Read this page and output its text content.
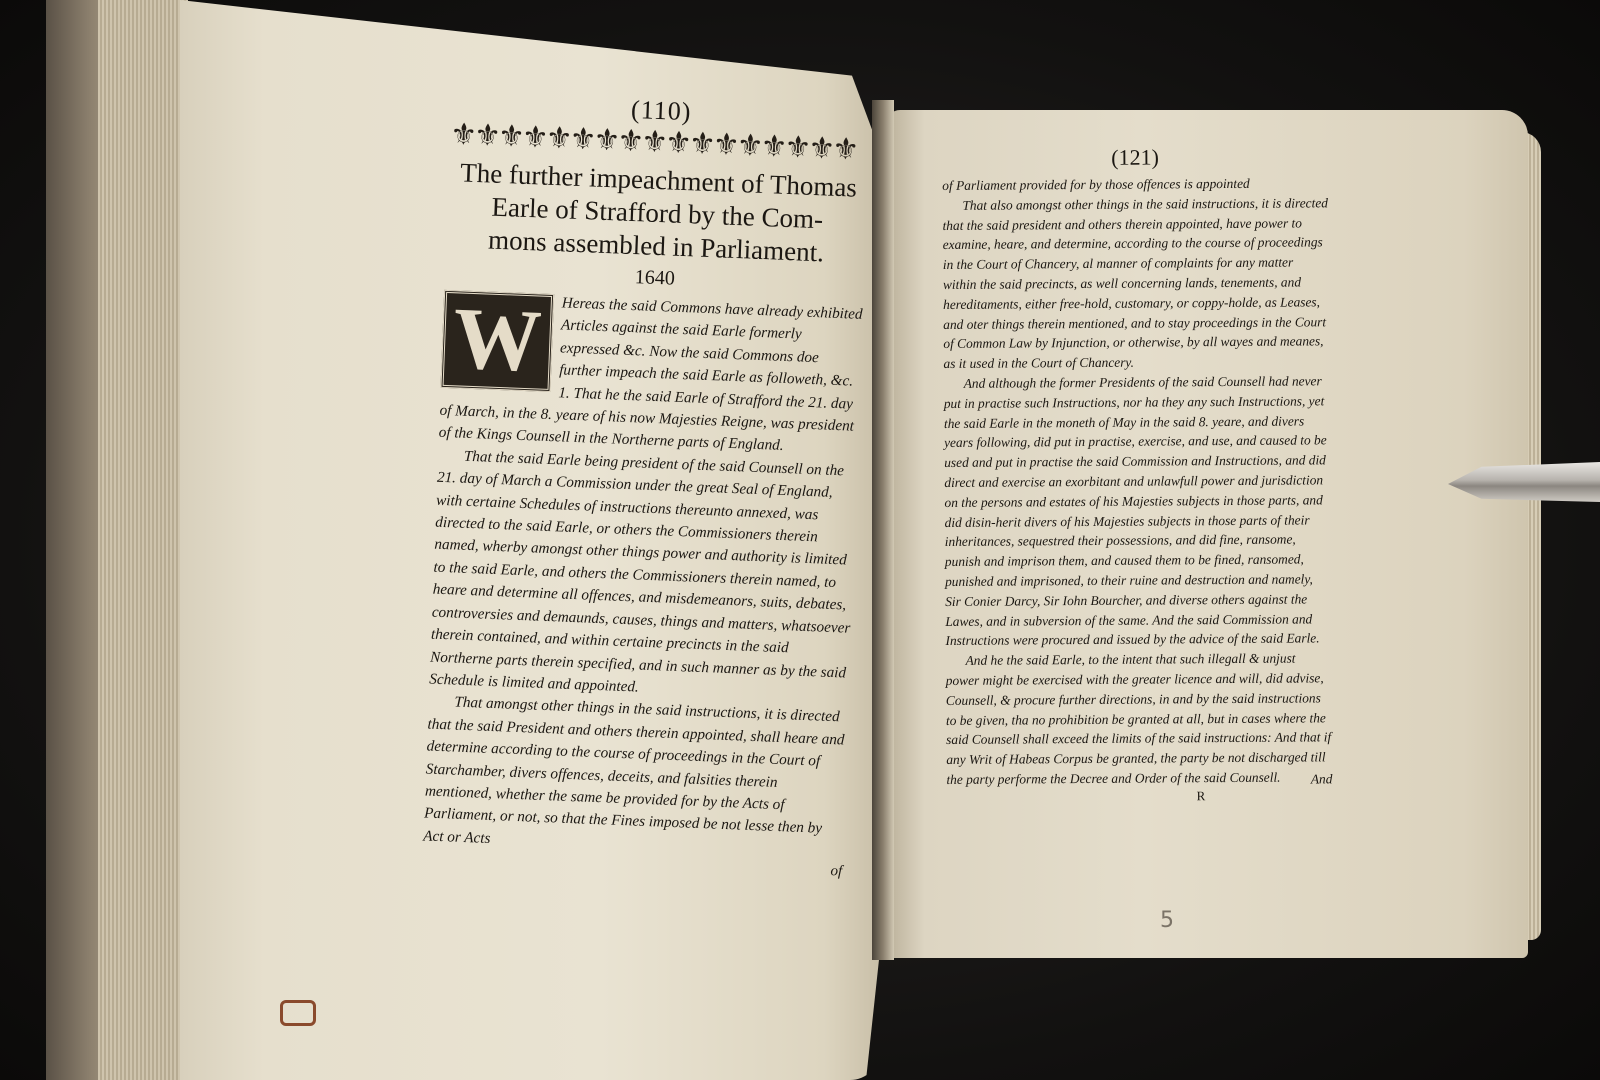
(110)
⚜⚜⚜⚜⚜⚜⚜⚜⚜⚜⚜⚜⚜⚜⚜⚜⚜
The further impeachment of Thomas
Earle of Strafford by the Com-
mons assembled in Parliament.
1640
W	Hereas the said Commons have already exhibited Articles against the said Earle formerly expressed &c. Now the said Commons doe further impeach the said Earle as followeth, &c.

1. That he the said Earle of Strafford the 21. day of March, in the 8. yeare of his now Majesties Reigne, was president of the Kings Counsell in the Northerne parts of England.

That the said Earle being president of the said Counsell on the 21. day of March a Commission under the great Seal of England, with certaine Schedules of instructions thereunto annexed, was directed to the said Earle, or others the Commissioners therein named, wherby amongst other things power and authority is limited to the said Earle, and others the Commissioners therein named, to heare and determine all offences, and misdemeanors, suits, debates, controversies and demaunds, causes, things and matters, whatsoever therein contained, and within certaine precincts in the said Northerne parts therein specified, and in such manner as by the said Schedule is limited and appointed.

That amongst other things in the said instructions, it is directed that the said President and others therein appointed, shall heare and determine according to the course of proceedings in the Court of Starchamber, divers offences, deceits, and falsities therein mentioned, whether the same be provided for by the Acts of Parliament, or not, so that the Fines imposed be not lesse then by Act or Acts

of
(121)

of Parliament provided for by those offences is appointed

That also amongst other things in the said instructions, it is directed that the said president and others therein appointed, have power to examine, heare, and determine, according to the course of proceedings in the Court of Chancery, al manner of complaints for any matter within the said precincts, as well concerning lands, tenements, and hereditaments, either free-hold, customary, or coppy-holde, as Leases, and oter things therein mentioned, and to stay proceedings in the Court of Common Law by Injunction, or otherwise, by all wayes and meanes, as it used in the Court of Chancery.

And although the former Presidents of the said Counsell had never put in practise such Instructions, nor ha they any such Instructions, yet the said Earle in the moneth of May in the said 8. yeare, and divers years following, did put in practise, exercise, and use, and caused to be used and put in practise the said Commission and Instructions, and did direct and exercise an exorbitant and unlawfull power and jurisdiction on the persons and estates of his Majesties subjects in those parts, and did disin-herit divers of his Majesties subjects in those parts of their inheritances, sequestred their possessions, and did fine, ransome, punish and imprison them, and caused them to be fined, ransomed, punished and imprisoned, to their ruine and destruction and namely, Sir Conier Darcy, Sir Iohn Bourcher, and diverse others against the Lawes, and in subversion of the same. And the said Commission and Instructions were procured and issued by the advice of the said Earle.

And he the said Earle, to the intent that such illegall & unjust power might be exercised with the greater licence and will, did advise, Counsell, & procure further directions, in and by the said instructions to be given, tha no prohibition be granted at all, but in cases where the said Counsell shall exceed the limits of the said instructions: And that if any Writ of Habeas Corpus be granted, the party be not discharged till the party performe the Decree and Order of the said Counsell.

R
And
5
